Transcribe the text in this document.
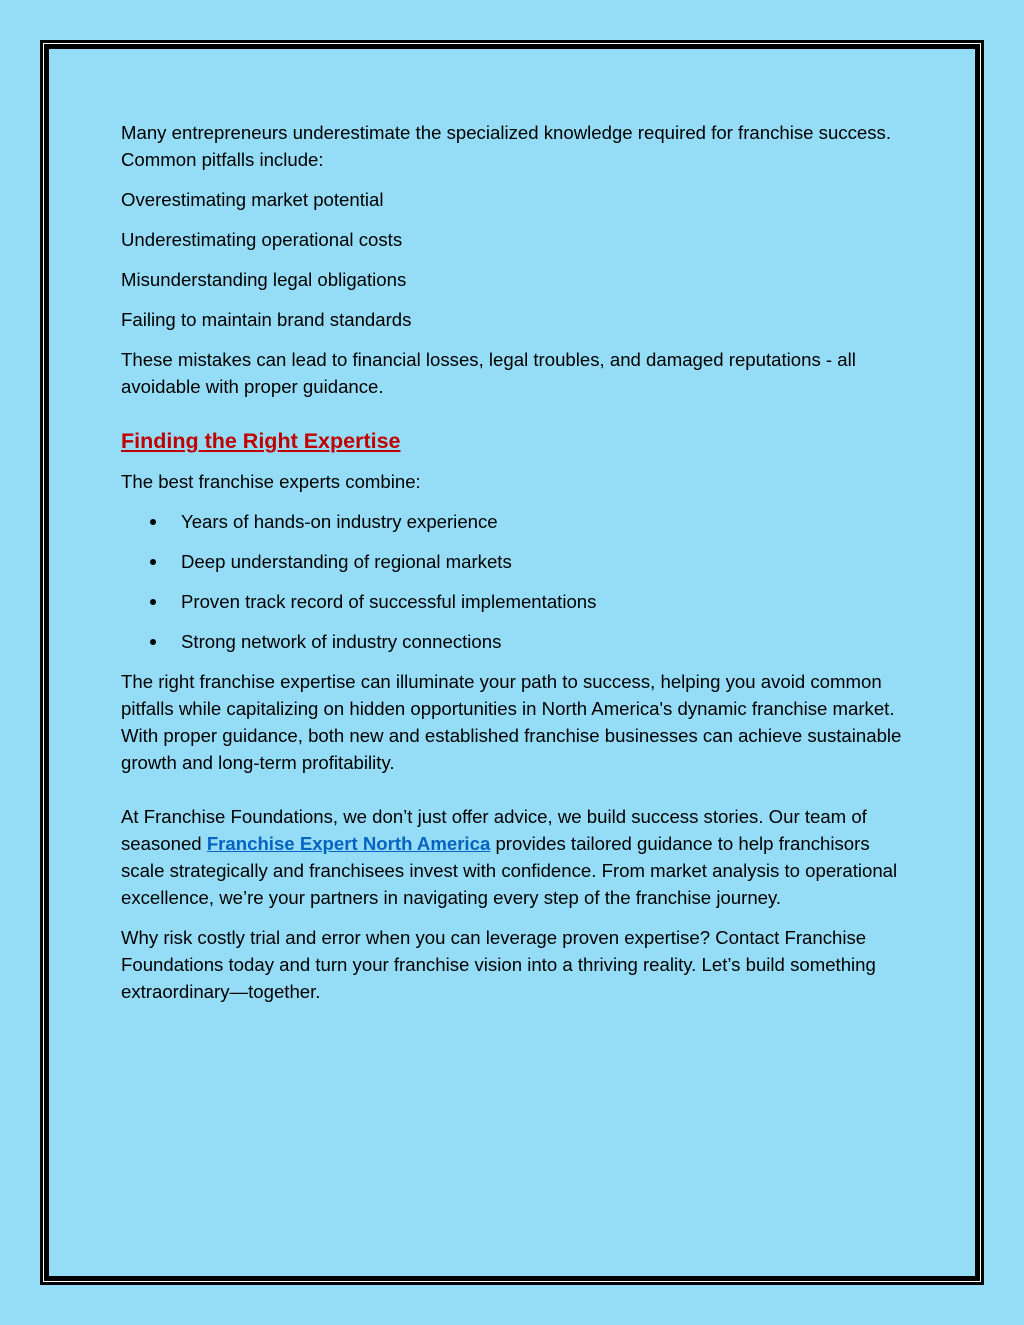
Many entrepreneurs underestimate the specialized knowledge required for franchise success. Common pitfalls include:

Overestimating market potential

Underestimating operational costs

Misunderstanding legal obligations

Failing to maintain brand standards

These mistakes can lead to financial losses, legal troubles, and damaged reputations - all avoidable with proper guidance.

Finding the Right Expertise

The best franchise experts combine:

Years of hands-on industry experience
Deep understanding of regional markets
Proven track record of successful implementations
Strong network of industry connections

The right franchise expertise can illuminate your path to success, helping you avoid common pitfalls while capitalizing on hidden opportunities in North America's dynamic franchise market. With proper guidance, both new and established franchise businesses can achieve sustainable growth and long-term profitability.

At Franchise Foundations, we don’t just offer advice, we build success stories. Our team of seasoned Franchise Expert North America provides tailored guidance to help franchisors scale strategically and franchisees invest with confidence. From market analysis to operational excellence, we’re your partners in navigating every step of the franchise journey.

Why risk costly trial and error when you can leverage proven expertise? Contact Franchise Foundations today and turn your franchise vision into a thriving reality. Let’s build something extraordinary—together.
